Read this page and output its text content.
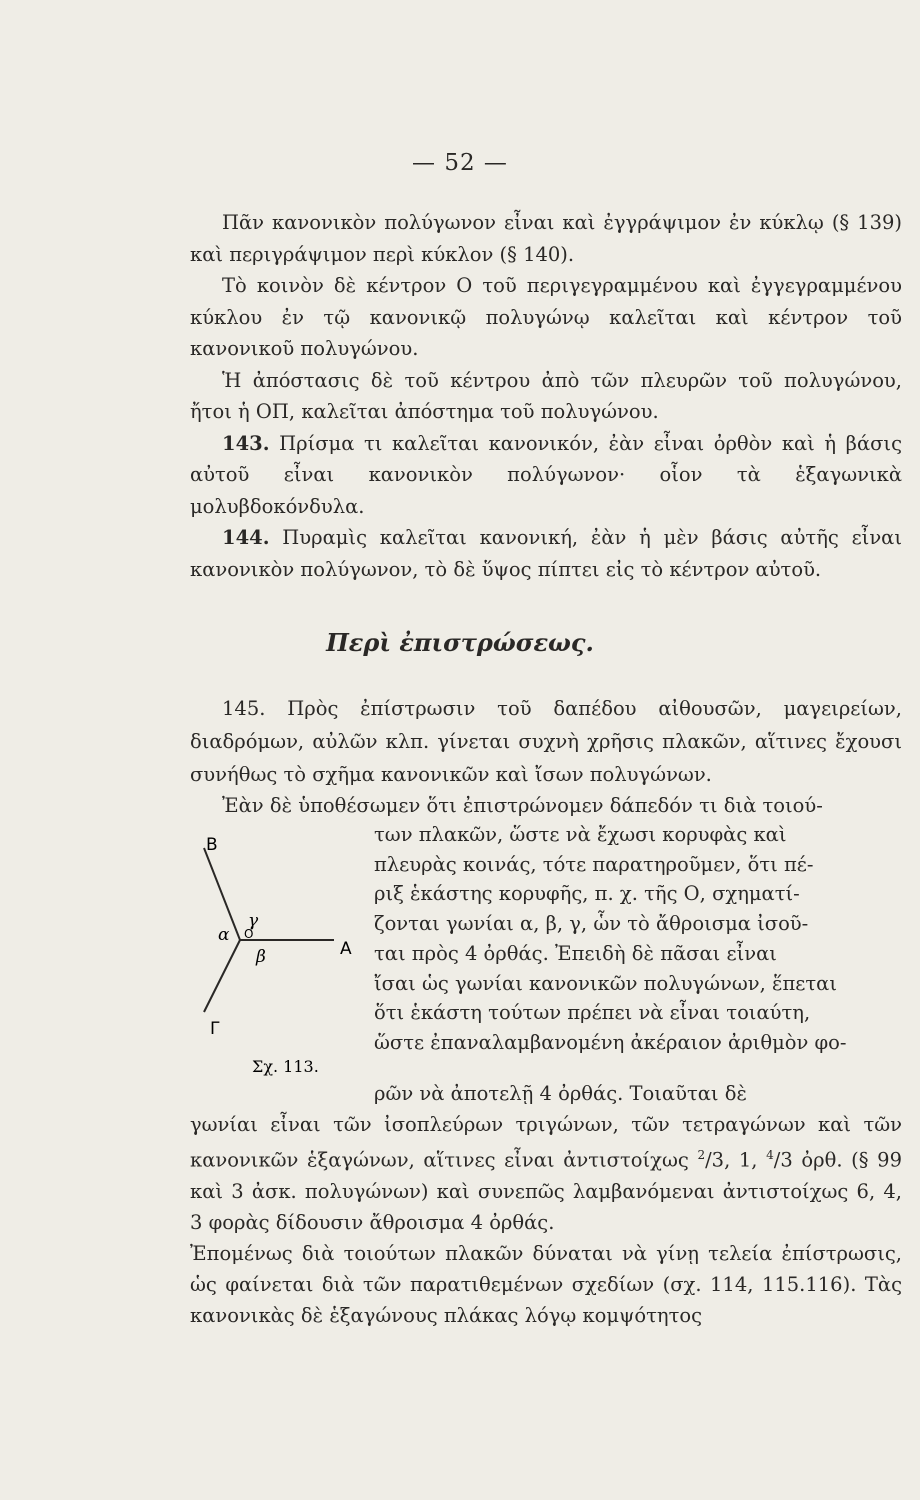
— 52 —

Πᾶν κανονικὸν πολύγωνον εἶναι καὶ ἐγγράψιμον ἐν κύκλῳ (§ 139) καὶ περιγράψιμον περὶ κύκλον (§ 140).

Τὸ κοινὸν δὲ κέντρον Ο τοῦ περιγεγραμμένου καὶ ἐγγεγραμμένου κύκλου ἐν τῷ κανονικῷ πολυγώνῳ καλεῖται καὶ κέντρον τοῦ κανονικοῦ πολυγώνου.

Ἡ ἀπόστασις δὲ τοῦ κέντρου ἀπὸ τῶν πλευρῶν τοῦ πολυγώνου, ἤτοι ἡ ΟΠ, καλεῖται ἀπόστημα τοῦ πολυγώνου.

143. Πρίσμα τι καλεῖται κανονικόν, ἐὰν εἶναι ὀρθὸν καὶ ἡ βάσις αὐτοῦ εἶναι κανονικὸν πολύγωνον· οἷον τὰ ἑξαγωνικὰ μολυβδοκόνδυλα.

144. Πυραμὶς καλεῖται κανονική, ἐὰν ἡ μὲν βάσις αὐτῆς εἶναι κανονικὸν πολύγωνον, τὸ δὲ ὕψος πίπτει εἰς τὸ κέντρον αὐτοῦ.

Περὶ ἐπιστρώσεως.

145. Πρὸς ἐπίστρωσιν τοῦ δαπέδου αἰθουσῶν, μαγειρείων, διαδρόμων, αὐλῶν κλπ. γίνεται συχνὴ χρῆσις πλακῶν, αἵτινες ἔχουσι συνήθως τὸ σχῆμα κανονικῶν καὶ ἴσων πολυγώνων.

Ἐὰν δὲ ὑποθέσωμεν ὅτι ἐπιστρώνομεν δάπεδόν τι διὰ τοιού-

των πλακῶν, ὥστε νὰ ἔχωσι κορυφὰς καὶ

πλευρὰς κοινάς, τότε παρατηροῦμεν, ὅτι πέ-

ριξ ἑκάστης κορυφῆς, π. χ. τῆς Ο, σχηματί-

ζονται γωνίαι α, β, γ, ὧν τὸ ἄθροισμα ἰσοῦ-

ται πρὸς 4 ὀρθάς. Ἐπειδὴ δὲ πᾶσαι εἶναι

ἴσαι ὡς γωνίαι κανονικῶν πολυγώνων, ἕπεται

ὅτι ἑκάστη τούτων πρέπει νὰ εἶναι τοιαύτη,

ὥστε ἐπαναλαμβανομένη ἀκέραιον ἀριθμὸν φο-

Β
Α
Γ
Ο
α
β
γ
Σχ. 113.

ρῶν νὰ ἀποτελῇ 4 ὀρθάς. Τοιαῦται δὲ

γωνίαι εἶναι τῶν ἰσοπλεύρων τριγώνων, τῶν τετραγώνων καὶ τῶν κανονικῶν ἑξαγώνων, αἵτινες εἶναι ἀντιστοίχως $^2$/3, 1, $^4$/3 ὀρθ. (§ 99 καὶ 3 ἀσκ. πολυγώνων) καὶ συνεπῶς λαμβανόμεναι ἀντιστοίχως 6, 4, 3 φορὰς δίδουσιν ἄθροισμα 4 ὀρθάς.

Ἐπομένως διὰ τοιούτων πλακῶν δύναται νὰ γίνῃ τελεία ἐπίστρωσις, ὡς φαίνεται διὰ τῶν παρατιθεμένων σχεδίων (σχ. 114, 115.116). Τὰς κανονικὰς δὲ ἑξαγώνους πλάκας λόγῳ κομψότητος
